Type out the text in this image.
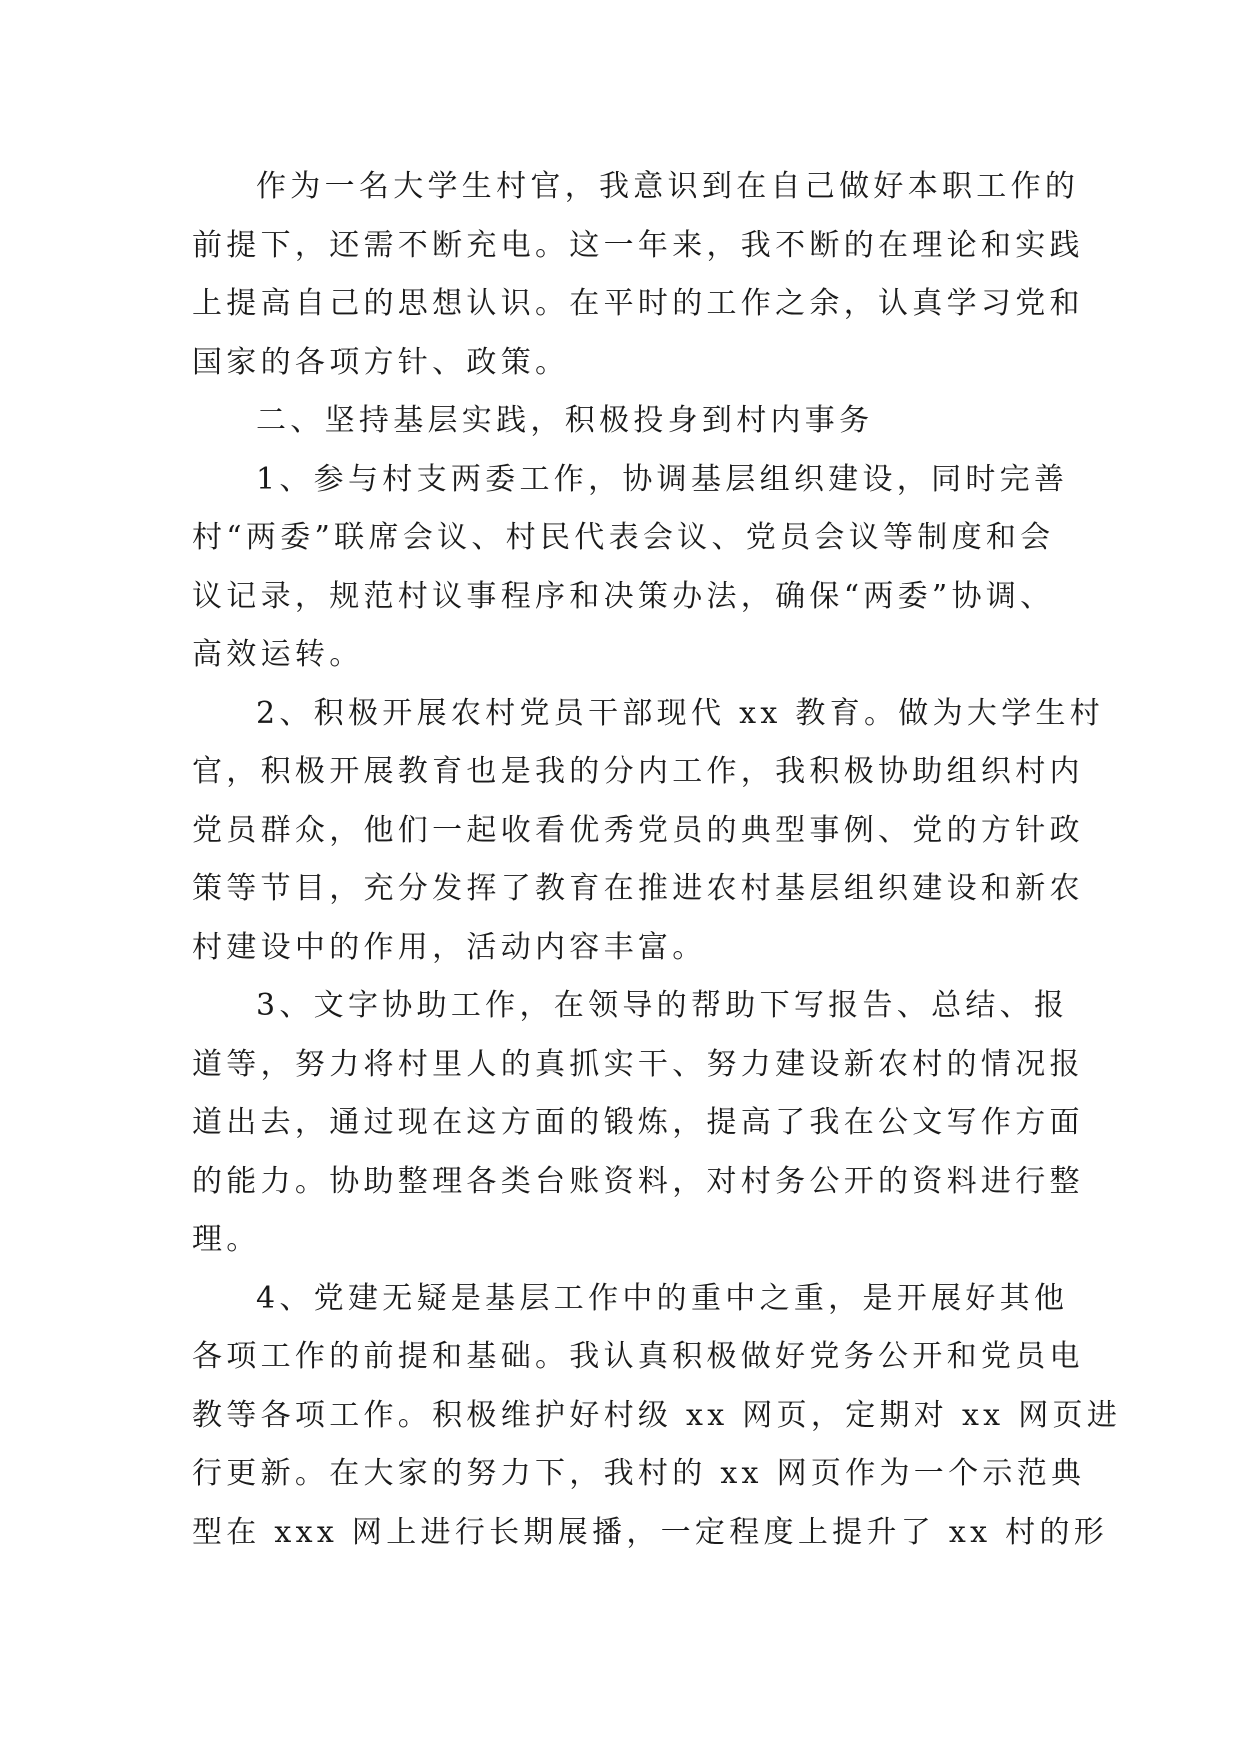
作为一名大学生村官，我意识到在自己做好本职工作的
前提下，还需不断充电。这一年来，我不断的在理论和实践
上提高自己的思想认识。在平时的工作之余，认真学习党和
国家的各项方针、政策。
二、坚持基层实践，积极投身到村内事务
1、参与村支两委工作，协调基层组织建设，同时完善
村“两委”联席会议、村民代表会议、党员会议等制度和会
议记录，规范村议事程序和决策办法，确保“两委”协调、
高效运转。
2、积极开展农村党员干部现代 xx 教育。做为大学生村
官，积极开展教育也是我的分内工作，我积极协助组织村内
党员群众，他们一起收看优秀党员的典型事例、党的方针政
策等节目，充分发挥了教育在推进农村基层组织建设和新农
村建设中的作用，活动内容丰富。
3、文字协助工作，在领导的帮助下写报告、总结、报
道等，努力将村里人的真抓实干、努力建设新农村的情况报
道出去，通过现在这方面的锻炼，提高了我在公文写作方面
的能力。协助整理各类台账资料，对村务公开的资料进行整
理。
4、党建无疑是基层工作中的重中之重，是开展好其他
各项工作的前提和基础。我认真积极做好党务公开和党员电
教等各项工作。积极维护好村级 xx 网页，定期对 xx 网页进
行更新。在大家的努力下，我村的 xx 网页作为一个示范典
型在 xxx 网上进行长期展播，一定程度上提升了 xx 村的形
